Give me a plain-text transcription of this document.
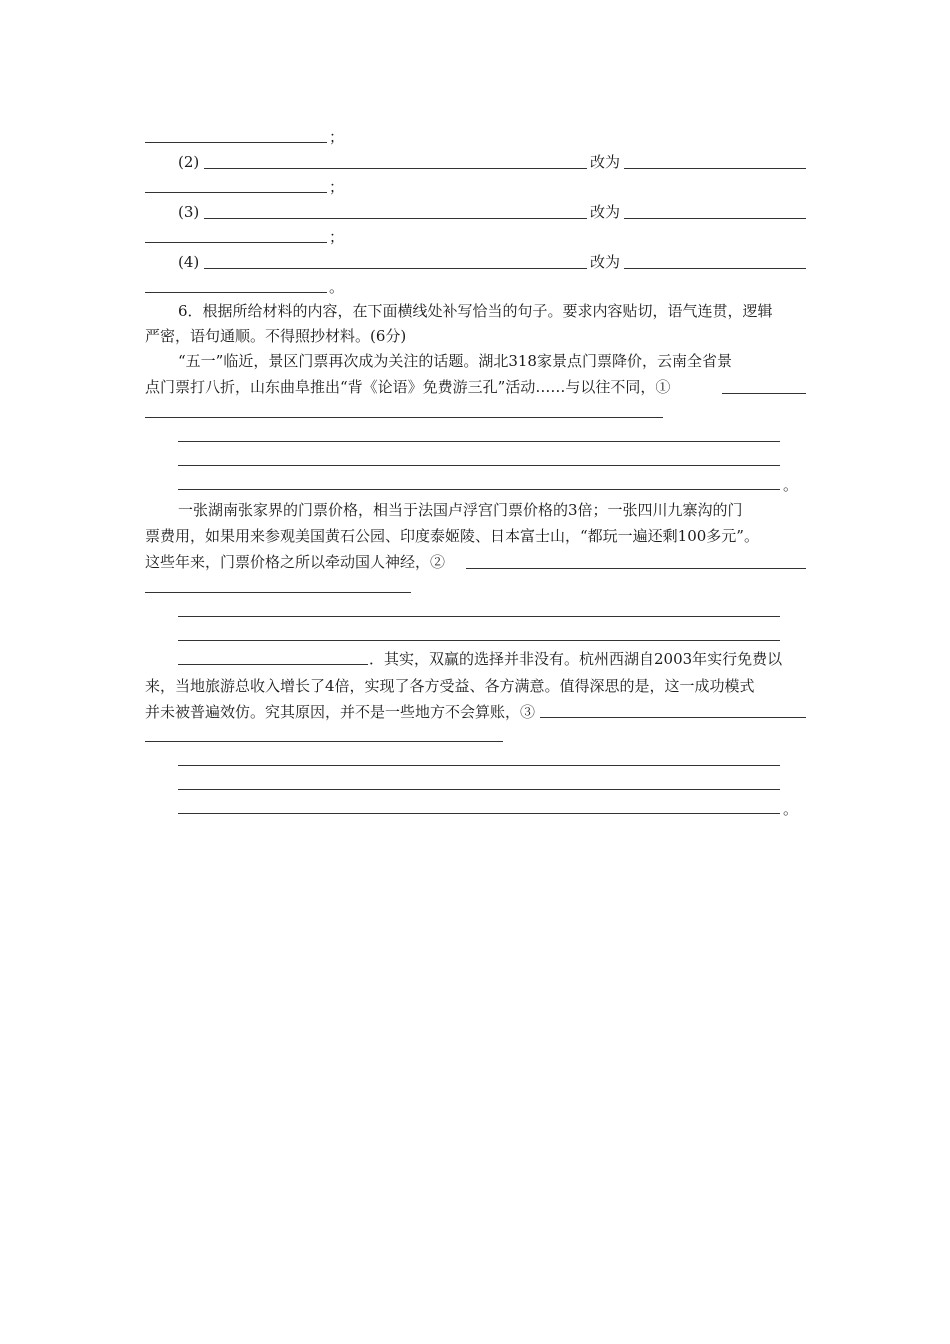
；
(2)	改为
；
(3)	改为
；
(4)	改为
。
6．根据所给材料的内容，在下面横线处补写恰当的句子。要求内容贴切，语气连贯，逻辑
严密，语句通顺。不得照抄材料。(6分)
“五一”临近，景区门票再次成为关注的话题。湖北318家景点门票降价，云南全省景
点门票打八折，山东曲阜推出“背《论语》免费游三孔”活动……与以往不同，①
。
一张湖南张家界的门票价格，相当于法国卢浮宫门票价格的3倍；一张四川九寨沟的门
票费用，如果用来参观美国黄石公园、印度泰姬陵、日本富士山，“都玩一遍还剩100多元”。
这些年来，门票价格之所以牵动国人神经，②
．其实，双赢的选择并非没有。杭州西湖自2003年实行免费以
来，当地旅游总收入增长了4倍，实现了各方受益、各方满意。值得深思的是，这一成功模式
并未被普遍效仿。究其原因，并不是一些地方不会算账，③
。
